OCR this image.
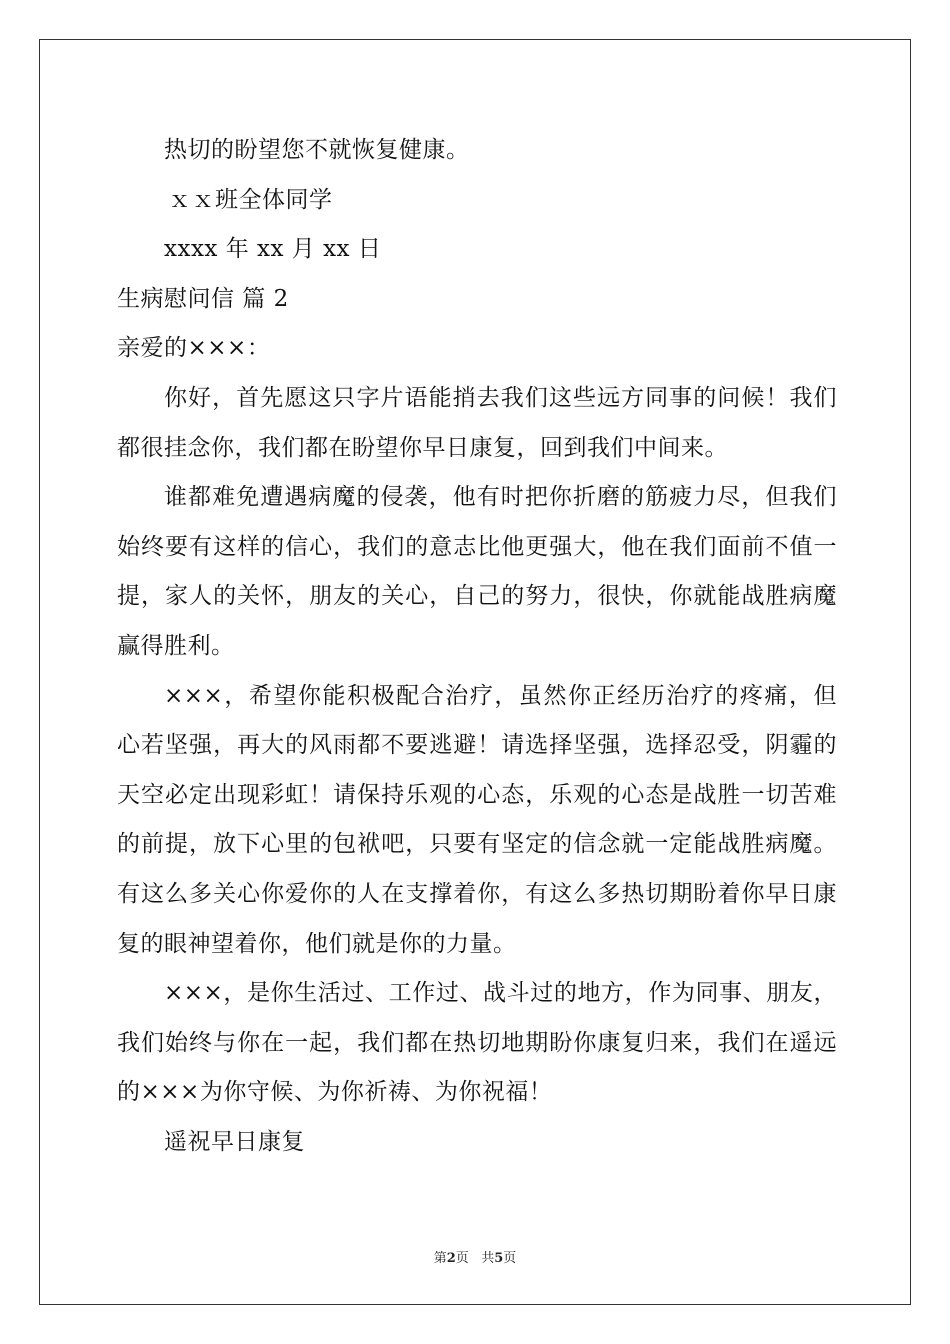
热切的盼望您不就恢复健康。
ｘｘ班全体同学
xxxx 年 xx 月 xx 日
生病慰问信 篇 2
亲爱的×××：
你好，首先愿这只字片语能捎去我们这些远方同事的问候！我们
都很挂念你，我们都在盼望你早日康复，回到我们中间来。
谁都难免遭遇病魔的侵袭，他有时把你折磨的筋疲力尽，但我们
始终要有这样的信心，我们的意志比他更强大，他在我们面前不值一
提，家人的关怀，朋友的关心，自己的努力，很快，你就能战胜病魔
赢得胜利。
×××，希望你能积极配合治疗，虽然你正经历治疗的疼痛，但
心若坚强，再大的风雨都不要逃避！请选择坚强，选择忍受，阴霾的
天空必定出现彩虹！请保持乐观的心态，乐观的心态是战胜一切苦难
的前提，放下心里的包袱吧，只要有坚定的信念就一定能战胜病魔。
有这么多关心你爱你的人在支撑着你，有这么多热切期盼着你早日康
复的眼神望着你，他们就是你的力量。
×××，是你生活过、工作过、战斗过的地方，作为同事、朋友，
我们始终与你在一起，我们都在热切地期盼你康复归来，我们在遥远
的×××为你守候、为你祈祷、为你祝福！
遥祝早日康复
第2页 共5页
